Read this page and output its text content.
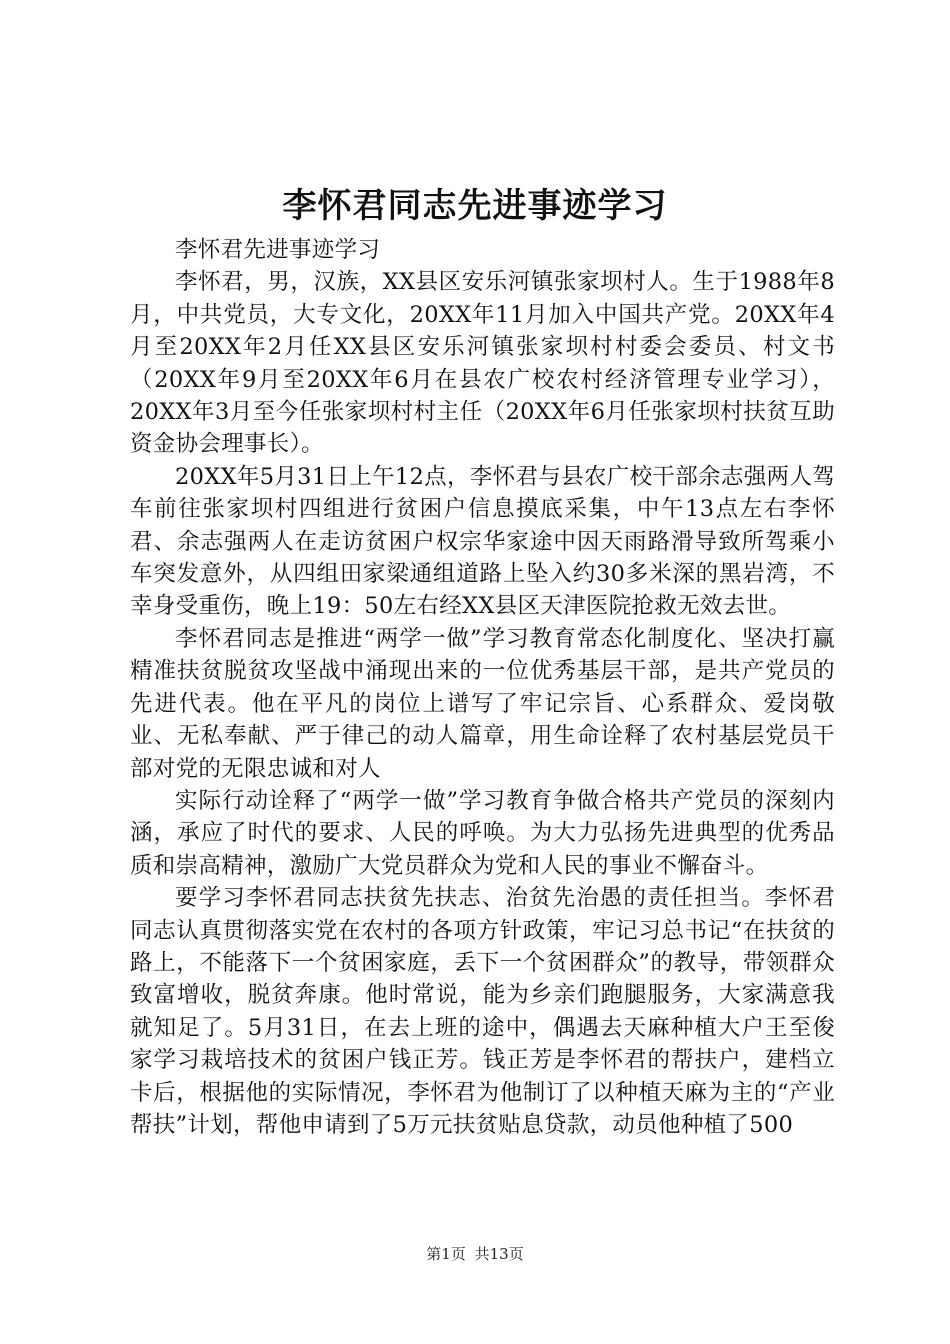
李怀君同志先进事迹学习

李怀君先进事迹学习

李怀君，男，汉族，XX县区安乐河镇张家坝村人。生于1988年8月，中共党员，大专文化，20XX年11月加入中国共产党。20XX年4月至20XX年2月任XX县区安乐河镇张家坝村村委会委员、村文书（20XX年9月至20XX年6月在县农广校农村经济管理专业学习），20XX年3月至今任张家坝村村主任（20XX年6月任张家坝村扶贫互助资金协会理事长）。

20XX年5月31日上午12点，李怀君与县农广校干部余志强两人驾车前往张家坝村四组进行贫困户信息摸底采集，中午13点左右李怀君、余志强两人在走访贫困户权宗华家途中因天雨路滑导致所驾乘小车突发意外，从四组田家梁通组道路上坠入约30多米深的黑岩湾，不幸身受重伤，晚上19：50左右经XX县区天津医院抢救无效去世。

李怀君同志是推进“两学一做”学习教育常态化制度化、坚决打赢精准扶贫脱贫攻坚战中涌现出来的一位优秀基层干部，是共产党员的先进代表。他在平凡的岗位上谱写了牢记宗旨、心系群众、爱岗敬业、无私奉献、严于律己的动人篇章，用生命诠释了农村基层党员干部对党的无限忠诚和对人

实际行动诠释了“两学一做”学习教育争做合格共产党员的深刻内涵，承应了时代的要求、人民的呼唤。为大力弘扬先进典型的优秀品质和崇高精神，激励广大党员群众为党和人民的事业不懈奋斗。

要学习李怀君同志扶贫先扶志、治贫先治愚的责任担当。李怀君同志认真贯彻落实党在农村的各项方针政策，牢记习总书记“在扶贫的路上，不能落下一个贫困家庭，丢下一个贫困群众”的教导，带领群众致富增收，脱贫奔康。他时常说，能为乡亲们跑腿服务，大家满意我就知足了。5月31日，在去上班的途中，偶遇去天麻种植大户王至俊家学习栽培技术的贫困户钱正芳。钱正芳是李怀君的帮扶户，建档立卡后，根据他的实际情况，李怀君为他制订了以种植天麻为主的“产业帮扶”计划，帮他申请到了5万元扶贫贴息贷款，动员他种植了500

第1页 共13页
